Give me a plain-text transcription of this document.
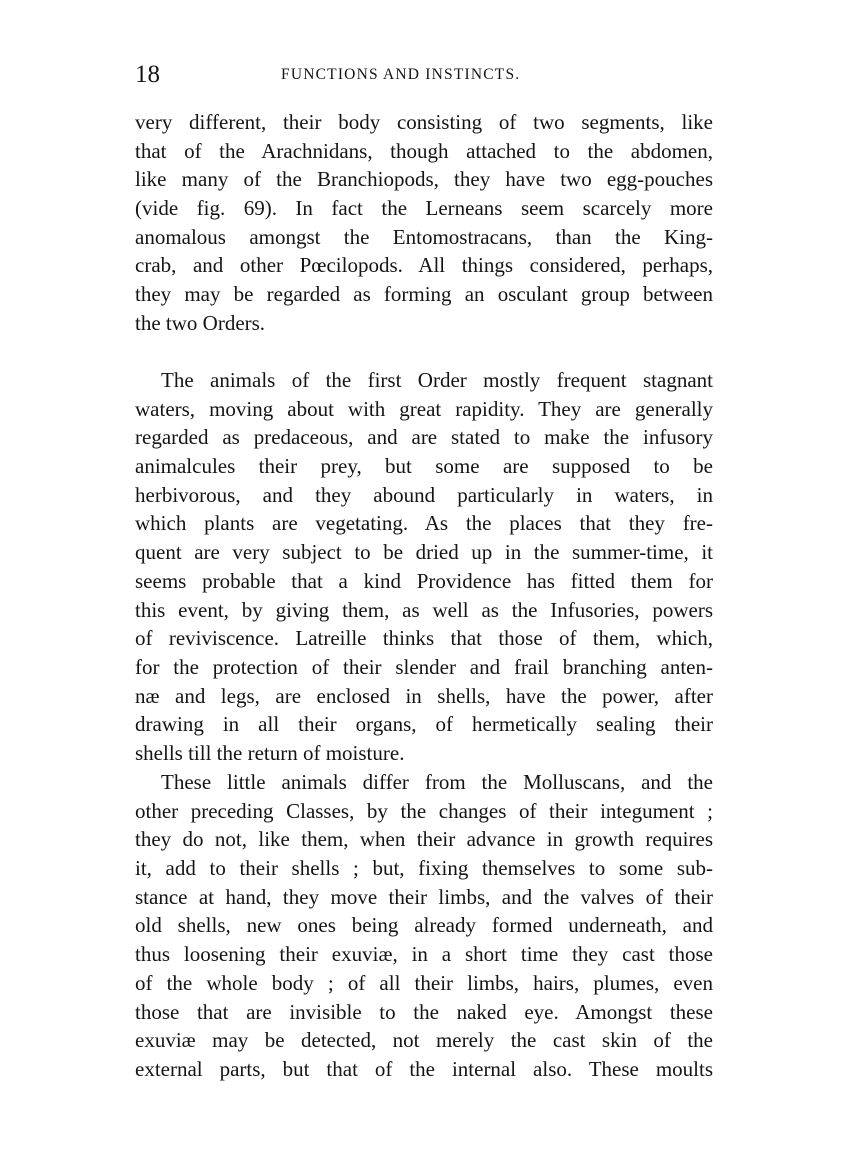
18	FUNCTIONS AND INSTINCTS.
very different, their body consisting of two segments, like
that of the Arachnidans, though attached to the abdomen,
like many of the Branchiopods, they have two egg-pouches
(vide fig. 69). In fact the Lerneans seem scarcely more
anomalous amongst the Entomostracans, than the King-
crab, and other Pœcilopods. All things considered, perhaps,
they may be regarded as forming an osculant group between
the two Orders.
The animals of the first Order mostly frequent stagnant
waters, moving about with great rapidity. They are generally
regarded as predaceous, and are stated to make the infusory
animalcules their prey, but some are supposed to be
herbivorous, and they abound particularly in waters, in
which plants are vegetating. As the places that they fre-
quent are very subject to be dried up in the summer-time, it
seems probable that a kind Providence has fitted them for
this event, by giving them, as well as the Infusories, powers
of reviviscence. Latreille thinks that those of them, which,
for the protection of their slender and frail branching anten-
næ and legs, are enclosed in shells, have the power, after
drawing in all their organs, of hermetically sealing their
shells till the return of moisture.
These little animals differ from the Molluscans, and the
other preceding Classes, by the changes of their integument ;
they do not, like them, when their advance in growth requires
it, add to their shells ; but, fixing themselves to some sub-
stance at hand, they move their limbs, and the valves of their
old shells, new ones being already formed underneath, and
thus loosening their exuviæ, in a short time they cast those
of the whole body ; of all their limbs, hairs, plumes, even
those that are invisible to the naked eye. Amongst these
exuviæ may be detected, not merely the cast skin of the
external parts, but that of the internal also. These moults
